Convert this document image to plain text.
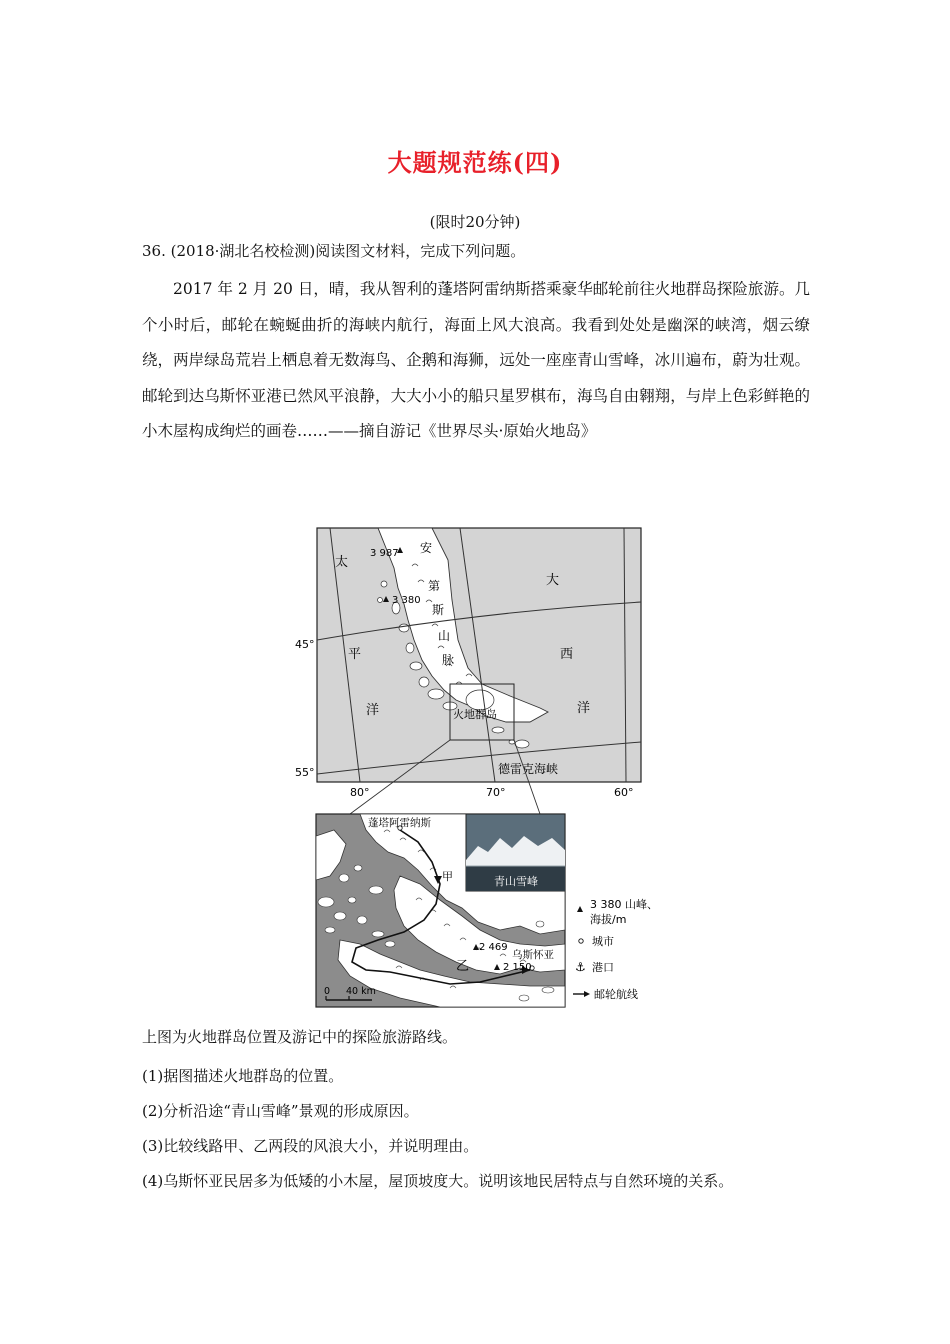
大题规范练(四)
(限时20分钟)
36. (2018·湖北名校检测)阅读图文材料，完成下列问题。

2017 年 2 月 20 日，晴，我从智利的蓬塔阿雷纳斯搭乘豪华邮轮前往火地群岛探险旅游。几个小时后，邮轮在蜿蜒曲折的海峡内航行，海面上风大浪高。我看到处处是幽深的峡湾，烟云缭绕，两岸绿岛荒岩上栖息着无数海鸟、企鹅和海狮，远处一座座青山雪峰，冰川遍布，蔚为壮观。邮轮到达乌斯怀亚港已然风平浪静，大大小小的船只星罗棋布，海鸟自由翱翔，与岸上色彩鲜艳的小木屋构成绚烂的画卷……——摘自游记《世界尽头·原始火地岛》

3 987
3 380
安
第
斯
山
脉
太
平
洋
大
西
洋
火地群岛
德雷克海峡
45°
55°
80°	70°	60°
青山雪峰
蓬塔阿雷纳斯
甲
乙
2 469
2 150
乌斯怀亚
0 40 km
3 380 山峰、
海拔/m
城市
⚓ 港口
邮轮航线
上图为火地群岛位置及游记中的探险旅游路线。
(1)据图描述火地群岛的位置。
(2)分析沿途“青山雪峰”景观的形成原因。
(3)比较线路甲、乙两段的风浪大小，并说明理由。
(4)乌斯怀亚民居多为低矮的小木屋，屋顶坡度大。说明该地民居特点与自然环境的关系。
